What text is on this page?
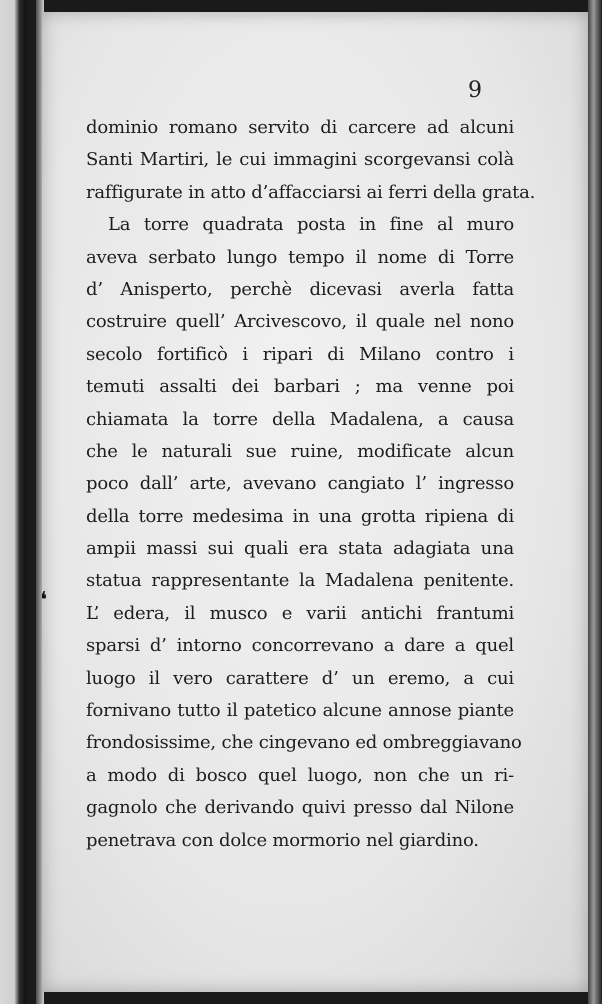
9
❛
dominio romano servito di carcere ad alcuni
Santi Martiri, le cui immagini scorgevansi colà
raffigurate in atto d’affacciarsi ai ferri della grata.
La torre quadrata posta in fine al muro
aveva serbato lungo tempo il nome di Torre
d’ Anisperto, perchè dicevasi averla fatta
costruire quell’ Arcivescovo, il quale nel nono
secolo fortificò i ripari di Milano contro i
temuti assalti dei barbari ; ma venne poi
chiamata la torre della Madalena, a causa
che le naturali sue ruine, modificate alcun
poco dall’ arte, avevano cangiato l’ ingresso
della torre medesima in una grotta ripiena di
ampii massi sui quali era stata adagiata una
statua rappresentante la Madalena penitente.
L’ edera, il musco e varii antichi frantumi
sparsi d’ intorno concorrevano a dare a quel
luogo il vero carattere d’ un eremo, a cui
fornivano tutto il patetico alcune annose piante
frondosissime, che cingevano ed ombreggiavano
a modo di bosco quel luogo, non che un ri-
gagnolo che derivando quivi presso dal Nilone
penetrava con dolce mormorio nel giardino.
